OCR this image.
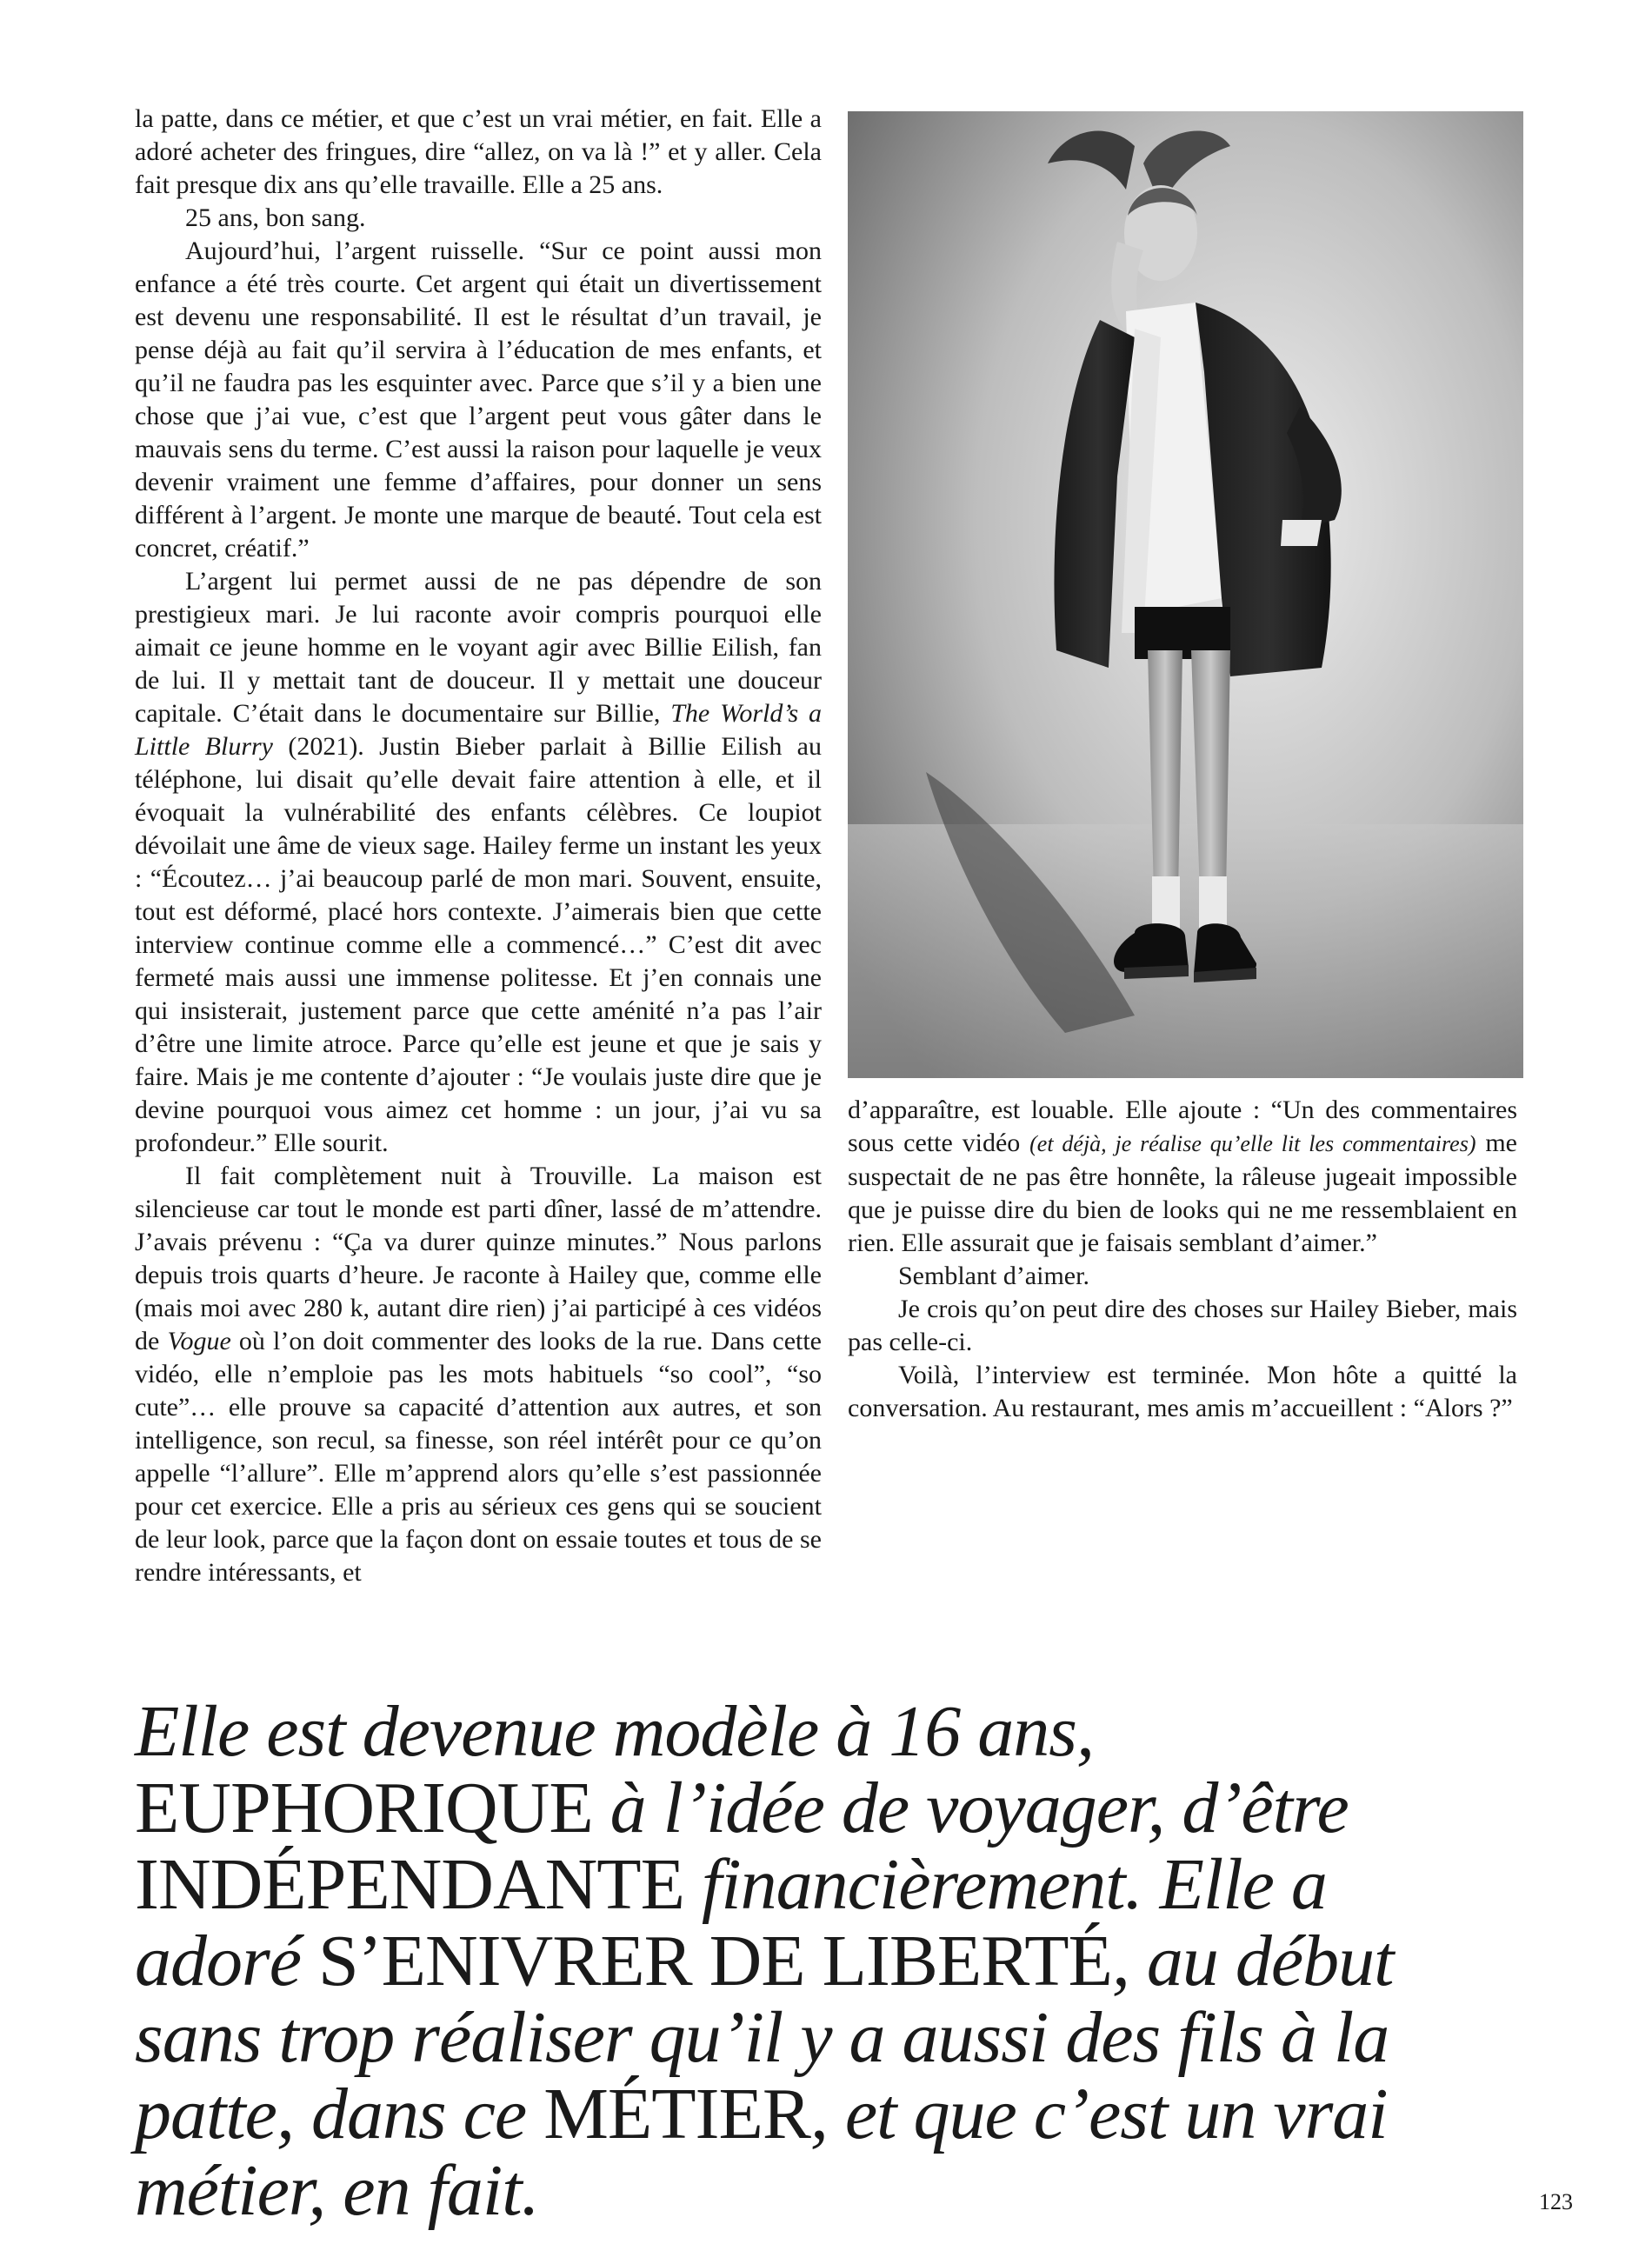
la patte, dans ce métier, et que c’est un vrai métier, en fait. Elle a adoré acheter des fringues, dire “allez, on va là !” et y aller. Cela fait presque dix ans qu’elle travaille. Elle a 25 ans.

25 ans, bon sang.

Aujourd’hui, l’argent ruisselle. “Sur ce point aussi mon enfance a été très courte. Cet argent qui était un divertissement est devenu une responsabilité. Il est le résultat d’un travail, je pense déjà au fait qu’il servira à l’éducation de mes enfants, et qu’il ne faudra pas les esquinter avec. Parce que s’il y a bien une chose que j’ai vue, c’est que l’argent peut vous gâter dans le mauvais sens du terme. C’est aussi la raison pour laquelle je veux devenir vraiment une femme d’affaires, pour donner un sens différent à l’argent. Je monte une marque de beauté. Tout cela est concret, créatif.”

L’argent lui permet aussi de ne pas dépendre de son prestigieux mari. Je lui raconte avoir compris pourquoi elle aimait ce jeune homme en le voyant agir avec Billie Eilish, fan de lui. Il y mettait tant de douceur. Il y mettait une douceur capitale. C’était dans le documentaire sur Billie, The World’s a Little Blurry (2021). Justin Bieber parlait à Billie Eilish au téléphone, lui disait qu’elle devait faire attention à elle, et il évoquait la vulnérabilité des enfants célèbres. Ce loupiot dévoilait une âme de vieux sage. Hailey ferme un instant les yeux : “Écoutez… j’ai beaucoup parlé de mon mari. Souvent, ensuite, tout est déformé, placé hors contexte. J’aimerais bien que cette interview continue comme elle a commencé…” C’est dit avec fermeté mais aussi une immense politesse. Et j’en connais une qui insisterait, justement parce que cette aménité n’a pas l’air d’être une limite atroce. Parce qu’elle est jeune et que je sais y faire. Mais je me contente d’ajouter : “Je voulais juste dire que je devine pourquoi vous aimez cet homme : un jour, j’ai vu sa profondeur.” Elle sourit.

Il fait complètement nuit à Trouville. La maison est silencieuse car tout le monde est parti dîner, lassé de m’attendre. J’avais prévenu : “Ça va durer quinze minutes.” Nous parlons depuis trois quarts d’heure. Je raconte à Hailey que, comme elle (mais moi avec 280 k, autant dire rien) j’ai participé à ces vidéos de Vogue où l’on doit commenter des looks de la rue. Dans cette vidéo, elle n’emploie pas les mots habituels “so cool”, “so cute”… elle prouve sa capacité d’attention aux autres, et son intelligence, son recul, sa finesse, son réel intérêt pour ce qu’on appelle “l’allure”. Elle m’apprend alors qu’elle s’est passionnée pour cet exercice. Elle a pris au sérieux ces gens qui se soucient de leur look, parce que la façon dont on essaie toutes et tous de se rendre intéressants, et

d’apparaître, est louable. Elle ajoute : “Un des commentaires sous cette vidéo (et déjà, je réalise qu’elle lit les commentaires) me suspectait de ne pas être honnête, la râleuse jugeait impossible que je puisse dire du bien de looks qui ne me ressemblaient en rien. Elle assurait que je faisais semblant d’aimer.”

Semblant d’aimer.

Je crois qu’on peut dire des choses sur Hailey Bieber, mais pas celle-ci.

Voilà, l’interview est terminée. Mon hôte a quitté la conversation. Au restaurant, mes amis m’accueillent : “Alors ?”

Elle est devenue modèle à 16 ans, EUPHORIQUE à l’idée de voyager, d’être INDÉPENDANTE financièrement. Elle a adoré S’ENIVRER DE LIBERTÉ, au début sans trop réaliser qu’il y a aussi des fils à la patte, dans ce MÉTIER, et que c’est un vrai métier, en fait.	123
